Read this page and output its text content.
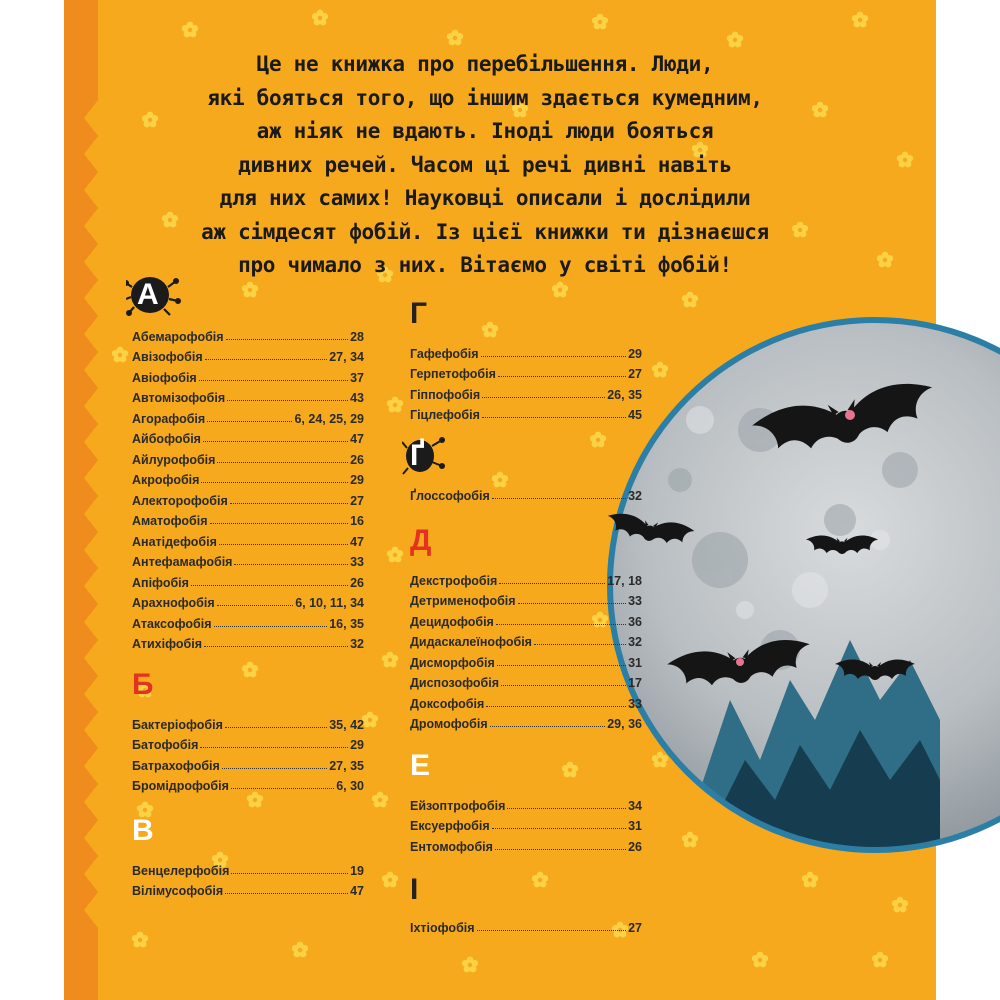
Це не книжка про перебільшення. Люди,
які бояться того, що іншим здається кумедним,
аж ніяк не вдають. Іноді люди бояться
дивних речей. Часом ці речі дивні навіть
для них самих! Науковці описали і дослідили
аж сімдесят фобій. Із цієї книжки ти дізнаєшся
про чимало з них. Вітаємо у світі фобій!
А
Абемарофобія	28
Авізофобія	27, 34
Авіофобія	37
Автомізофобія	43
Агорафобія	6, 24, 25, 29
Айбофобія	47
Айлурофобія	26
Акрофобія	29
Алекторофобія	27
Аматофобія	16
Анатідефобія	47
Антефамафобія	33
Апіфобія	26
Арахнофобія	6, 10, 11, 34
Атаксофобія	16, 35
Атихіфобія	32
Б
Бактеріофобія	35, 42
Батофобія	29
Батрахофобія	27, 35
Бромідрофобія	6, 30
В
Венцелерфобія	19
Вілімусофобія	47
Г
Гафефобія	29
Герпетофобія	27
Гіппофобія	26, 35
Гіцлефобія	45
Ґ
Ґлоссофобія	32
Д
Декстрофобія	17, 18
Детрименофобія	33
Децидофобія	36
Дидаскалеїнофобія	32
Дисморфобія	31
Диспозофобія	17
Доксофобія	33
Дромофобія	29, 36
Е
Ейзоптрофобія	34
Ексуерфобія	31
Ентомофобія	26
І
Іхтіофобія	27
